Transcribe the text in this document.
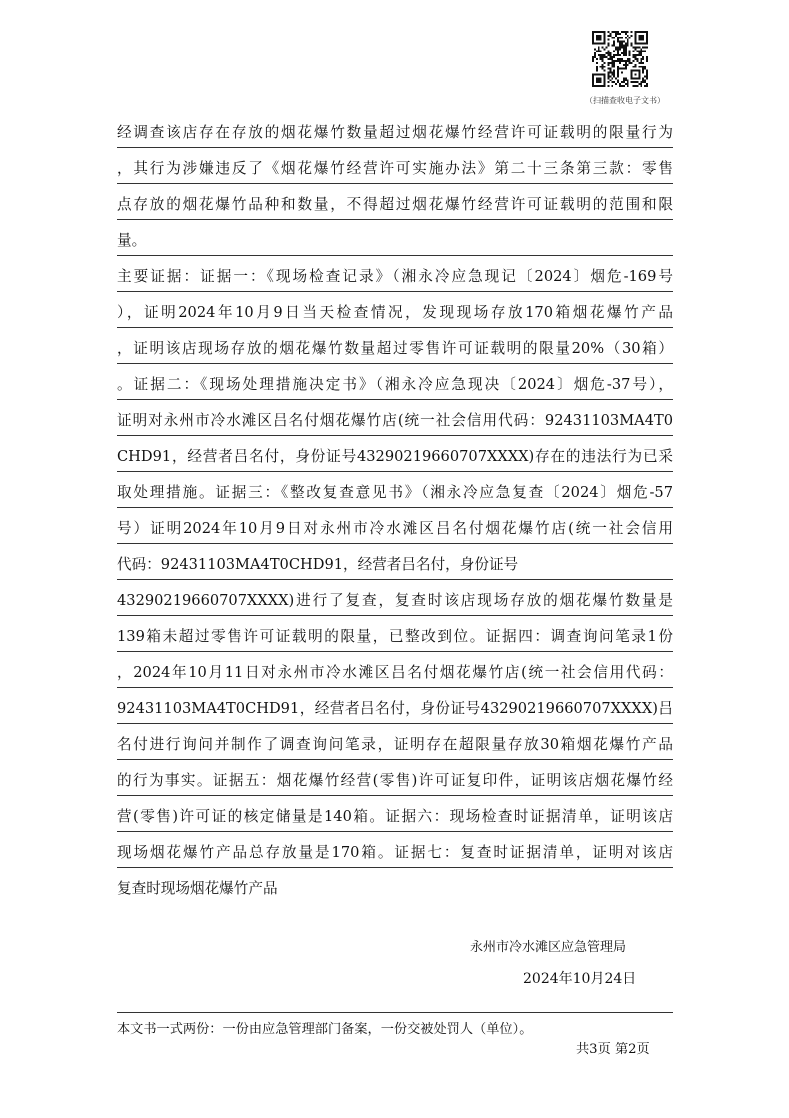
（扫描查收电子文书）
经调查该店存在存放的烟花爆竹数量超过烟花爆竹经营许可证载明的限量行为
，其行为涉嫌违反了《烟花爆竹经营许可实施办法》第二十三条第三款：零售
点存放的烟花爆竹品种和数量，不得超过烟花爆竹经营许可证载明的范围和限
量。
主要证据：证据一：《现场检查记录》（湘永冷应急现记〔2024〕烟危-169号
），证明2024年10月9日当天检查情况，发现现场存放170箱烟花爆竹产品
，证明该店现场存放的烟花爆竹数量超过零售许可证载明的限量20%（30箱）
。证据二：《现场处理措施决定书》（湘永冷应急现决〔2024〕烟危-37号），
证明对永州市冷水滩区吕名付烟花爆竹店(统一社会信用代码：92431103MA4T0
CHD91，经营者吕名付，身份证号43290219660707XXXX)存在的违法行为已采
取处理措施。证据三：《整改复查意见书》（湘永冷应急复查〔2024〕烟危-57
号）证明2024年10月9日对永州市冷水滩区吕名付烟花爆竹店(统一社会信用
代码：92431103MA4T0CHD91，经营者吕名付，身份证号
43290219660707XXXX)进行了复查，复查时该店现场存放的烟花爆竹数量是
139箱未超过零售许可证载明的限量，已整改到位。证据四：调查询问笔录1份
，2024年10月11日对永州市冷水滩区吕名付烟花爆竹店(统一社会信用代码：
92431103MA4T0CHD91，经营者吕名付，身份证号43290219660707XXXX)吕
名付进行询问并制作了调查询问笔录，证明存在超限量存放30箱烟花爆竹产品
的行为事实。证据五：烟花爆竹经营(零售)许可证复印件，证明该店烟花爆竹经
营(零售)许可证的核定储量是140箱。证据六：现场检查时证据清单，证明该店
现场烟花爆竹产品总存放量是170箱。证据七：复查时证据清单，证明对该店
复查时现场烟花爆竹产品
永州市冷水滩区应急管理局
2024年10月24日
本文书一式两份：一份由应急管理部门备案，一份交被处罚人（单位）。
共3页 第2页
